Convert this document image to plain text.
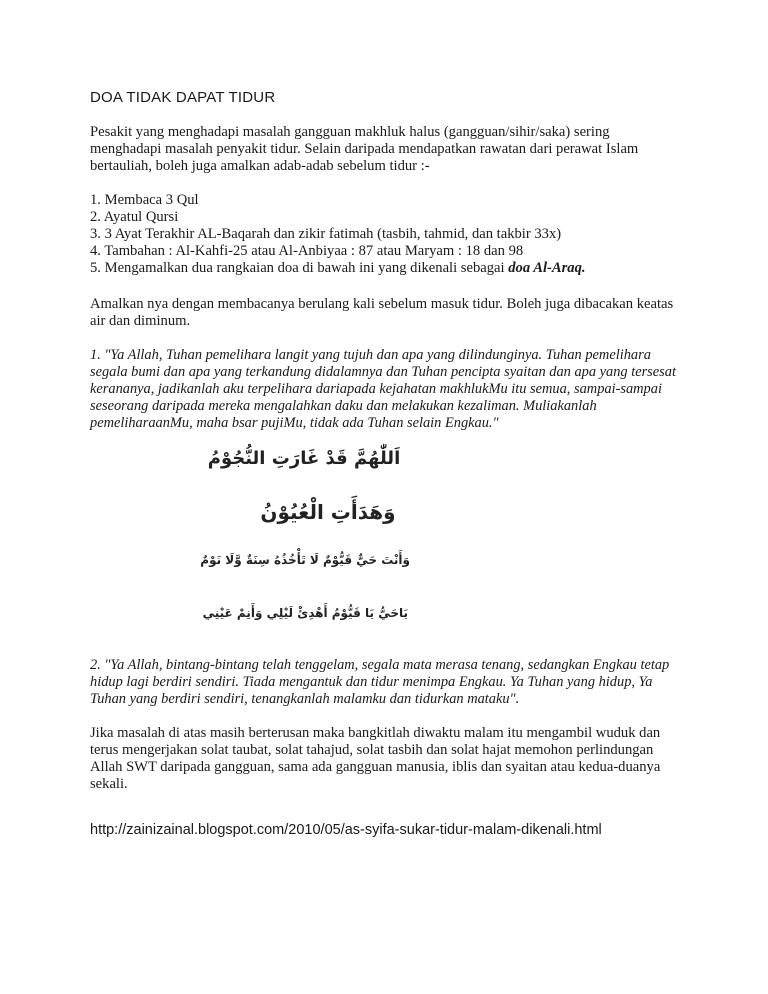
DOA TIDAK DAPAT TIDUR
Pesakit yang menghadapi masalah gangguan makhluk halus (gangguan/sihir/saka) sering menghadapi masalah penyakit tidur. Selain daripada mendapatkan rawatan dari perawat Islam bertauliah, boleh juga amalkan adab-adab sebelum tidur :-
1. Membaca 3 Qul
2. Ayatul Qursi
3. 3 Ayat Terakhir AL-Baqarah dan zikir fatimah (tasbih, tahmid, dan takbir 33x)
4. Tambahan : Al-Kahfi-25 atau Al-Anbiyaa : 87 atau Maryam : 18 dan 98
5. Mengamalkan dua rangkaian doa di bawah ini yang dikenali sebagai doa Al-Araq.
Amalkan nya dengan membacanya berulang kali sebelum masuk tidur. Boleh juga dibacakan keatas air dan diminum.
1. "Ya Allah, Tuhan pemelihara langit yang tujuh dan apa yang dilindunginya. Tuhan pemelihara segala bumi dan apa yang terkandung didalamnya dan Tuhan pencipta syaitan dan apa yang tersesat kerananya, jadikanlah aku terpelihara dariapada kejahatan makhlukMu itu semua, sampai-sampai seseorang daripada mereka mengalahkan daku dan melakukan kezaliman. Muliakanlah pemeliharaanMu, maha bsar pujiMu, tidak ada Tuhan selain Engkau."
اَللّٰهُمَّ قَدْ غَارَتِ النُّجُوْمُ
وَهَدَأَتِ الْعُيُوْنُ
وَأَنْتَ حَيٌّ قَيُّوْمٌ لَا تَأْخُذُهُ سِنَةٌ وَّلَا نَوْمٌ
يَاحَيُّ يَا قَيُّوْمُ أَهْدِئْ لَيْلِي وَأَنِمْ عَيْنِي
2. "Ya Allah, bintang-bintang telah tenggelam, segala mata merasa tenang, sedangkan Engkau tetap hidup lagi berdiri sendiri. Tiada mengantuk dan tidur menimpa Engkau. Ya Tuhan yang hidup, Ya Tuhan yang berdiri sendiri, tenangkanlah malamku dan tidurkan mataku".
Jika masalah di atas masih berterusan maka bangkitlah diwaktu malam itu mengambil wuduk dan terus mengerjakan solat taubat, solat tahajud, solat tasbih dan solat hajat memohon perlindungan Allah SWT daripada gangguan, sama ada gangguan manusia, iblis dan syaitan atau kedua-duanya sekali.
http://zainizainal.blogspot.com/2010/05/as-syifa-sukar-tidur-malam-dikenali.html
